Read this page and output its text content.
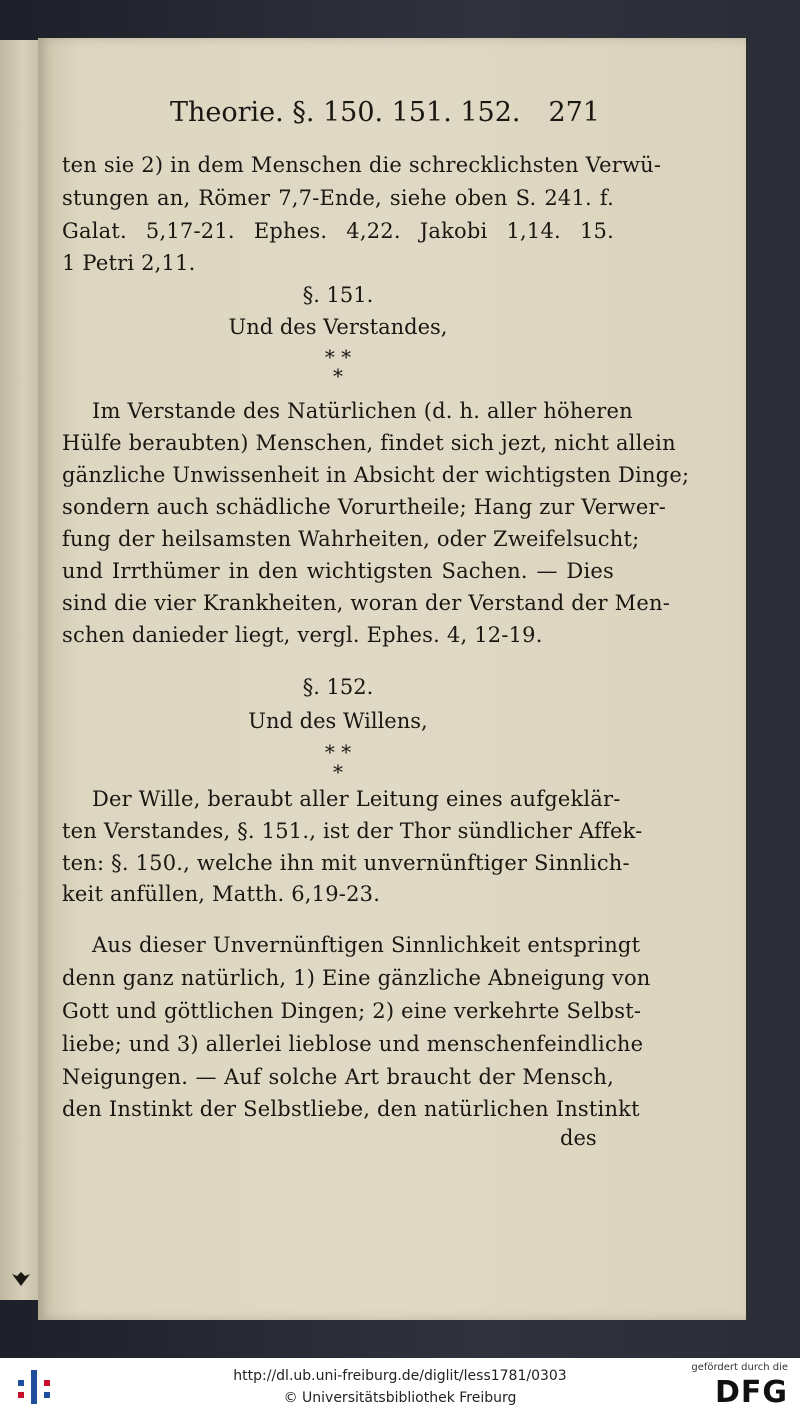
Theorie. §. 150. 151. 152. 271
ten sie 2) in dem Menschen die schrecklichsten Verwü-
stungen an, Römer 7,7-Ende, siehe oben S. 241. f.
Galat. 5,17-21. Ephes. 4,22. Jakobi 1,14. 15.
1 Petri 2,11.
§. 151.
Und des Verstandes,
* *
*
Im Verstande des Natürlichen (d. h. aller höheren
Hülfe beraubten) Menschen, findet sich jezt, nicht allein
gänzliche Unwissenheit in Absicht der wichtigsten Dinge;
sondern auch schädliche Vorurtheile; Hang zur Verwer-
fung der heilsamsten Wahrheiten, oder Zweifelsucht;
und Irrthümer in den wichtigsten Sachen. — Dies
sind die vier Krankheiten, woran der Verstand der Men-
schen danieder liegt, vergl. Ephes. 4, 12-19.
§. 152.
Und des Willens,
* *
*
Der Wille, beraubt aller Leitung eines aufgeklär-
ten Verstandes, §. 151., ist der Thor sündlicher Affek-
ten: §. 150., welche ihn mit unvernünftiger Sinnlich-
keit anfüllen, Matth. 6,19-23.
Aus dieser Unvernünftigen Sinnlichkeit entspringt
denn ganz natürlich, 1) Eine gänzliche Abneigung von
Gott und göttlichen Dingen; 2) eine verkehrte Selbst-
liebe; und 3) allerlei lieblose und menschenfeindliche
Neigungen. — Auf solche Art braucht der Mensch,
den Instinkt der Selbstliebe, den natürlichen Instinkt
des
http://dl.ub.uni-freiburg.de/diglit/less1781/0303
© Universitätsbibliothek Freiburg
gefördert durch die
DFG
